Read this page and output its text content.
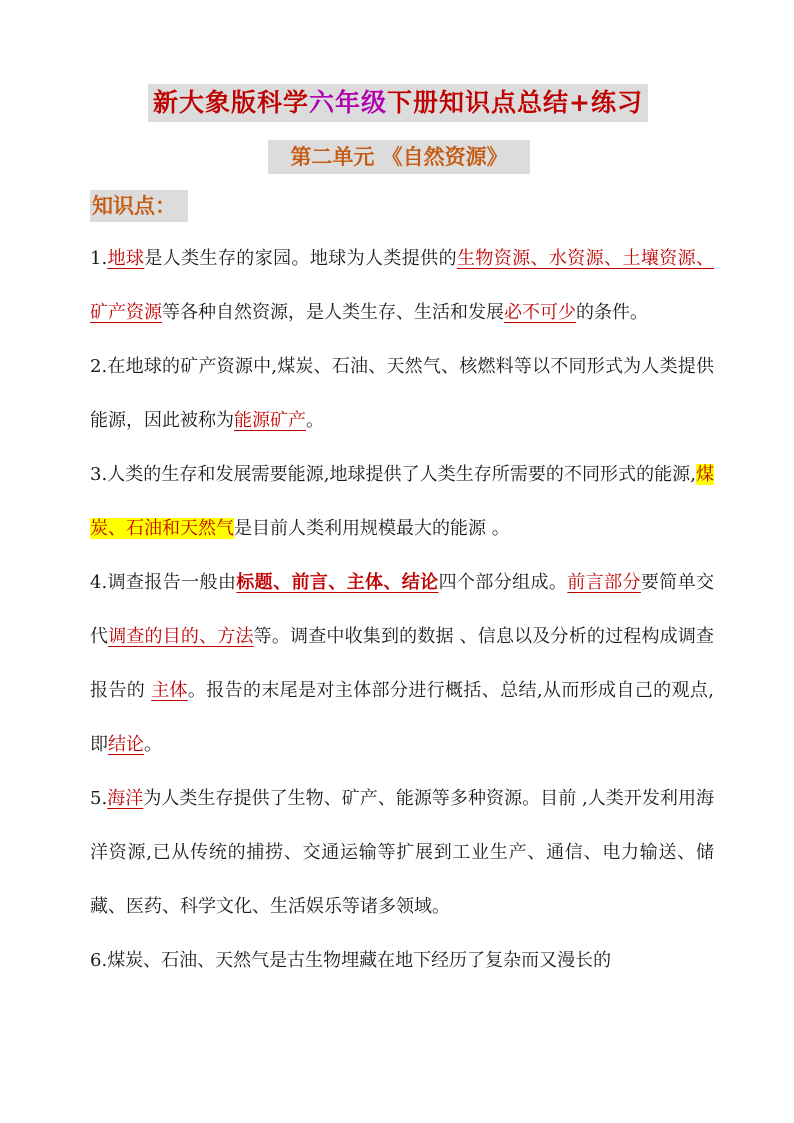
新大象版科学六年级下册知识点总结+练习
第二单元 《自然资源》
知识点：

1.地球是人类生存的家园。地球为人类提供的生物资源、水资源、土壤资源、矿产资源等各种自然资源，是人类生存、生活和发展必不可少的条件。

2.在地球的矿产资源中,煤炭、石油、天然气、核燃料等以不同形式为人类提供能源，因此被称为能源矿产。

3.人类的生存和发展需要能源,地球提供了人类生存所需要的不同形式的能源,煤炭、石油和天然气是目前人类利用规模最大的能源 。

4.调查报告一般由标题、前言、主体、结论四个部分组成。前言部分要简单交代调查的目的、方法等。调查中收集到的数据 、信息以及分析的过程构成调查报告的 主体。报告的末尾是对主体部分进行概括、总结,从而形成自己的观点,即结论。

5.海洋为人类生存提供了生物、矿产、能源等多种资源。目前 ,人类开发利用海洋资源,已从传统的捕捞、交通运输等扩展到工业生产、通信、电力输送、储藏、医药、科学文化、生活娱乐等诸多领域。

6.煤炭、石油、天然气是古生物埋藏在地下经历了复杂而又漫长的
